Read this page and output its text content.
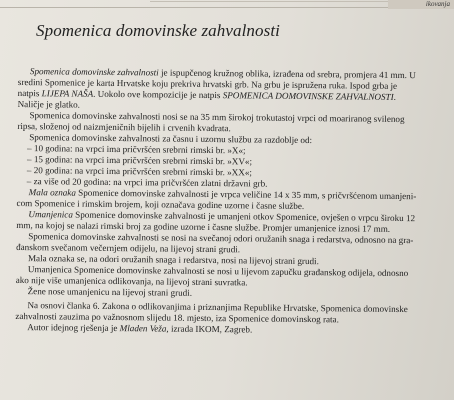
ikovanja
Spomenica domovinske zahvalnosti

Spomenica domovinske zahvalnosti je ispupčenog kružnog oblika, izrađena od srebra, promjera 41 mm. U

sredini Spomenice je karta Hrvatske koju prekriva hrvatski grb. Na grbu je ispružena ruka. Ispod grba je

natpis LIJEPA NAŠA. Uokolo ove kompozicije je natpis SPOMENICA DOMOVINSKE ZAHVALNOSTI.

Naličje je glatko.

Spomenica domovinske zahvalnosti nosi se na 35 mm širokoj trokutastoj vrpci od moariranog svilenog

ripsa, složenoj od naizmjeničnih bijelih i crvenih kvadrata.

Spomenica domovinske zahvalnosti za časnu i uzornu službu za razdoblje od:

– 10 godina: na vrpci ima pričvršćen srebrni rimski br. »X«;

– 15 godina: na vrpci ima pričvršćen srebrni rimski br. »XV«;

– 20 godina: na vrpci ima pričvršćen srebrni rimski br. »XX«;

– za više od 20 godina: na vrpci ima pričvršćen zlatni državni grb.

Mala oznaka Spomenice domovinske zahvalnosti je vrpca veličine 14 x 35 mm, s pričvršćenom umanjeni-

com Spomenice i rimskim brojem, koji označava godine uzorne i časne službe.

Umanjenica Spomenice domovinske zahvalnosti je umanjeni otkov Spomenice, ovješen o vrpcu široku 12

mm, na kojoj se nalazi rimski broj za godine uzorne i časne službe. Promjer umanjenice iznosi 17 mm.

Spomenica domovinske zahvalnosti se nosi na svečanoj odori oružanih snaga i redarstva, odnosno na gra-

đanskom svečanom večernjem odijelu, na lijevoj strani grudi.

Mala oznaka se, na odori oružanih snaga i redarstva, nosi na lijevoj strani grudi.

Umanjenica Spomenice domovinske zahvalnosti se nosi u lijevom zapučku građanskog odijela, odnosno

ako nije više umanjenica odlikovanja, na lijevoj strani suvratka.

Žene nose umanjenicu na lijevoj strani grudi.

Na osnovi članka 6. Zakona o odlikovanjima i priznanjima Republike Hrvatske, Spomenica domovinske

zahvalnosti zauzima po važnosnom slijedu 18. mjesto, iza Spomenice domovinskog rata.

Autor idejnog rješenja je Mladen Veža, izrada IKOM, Zagreb.
